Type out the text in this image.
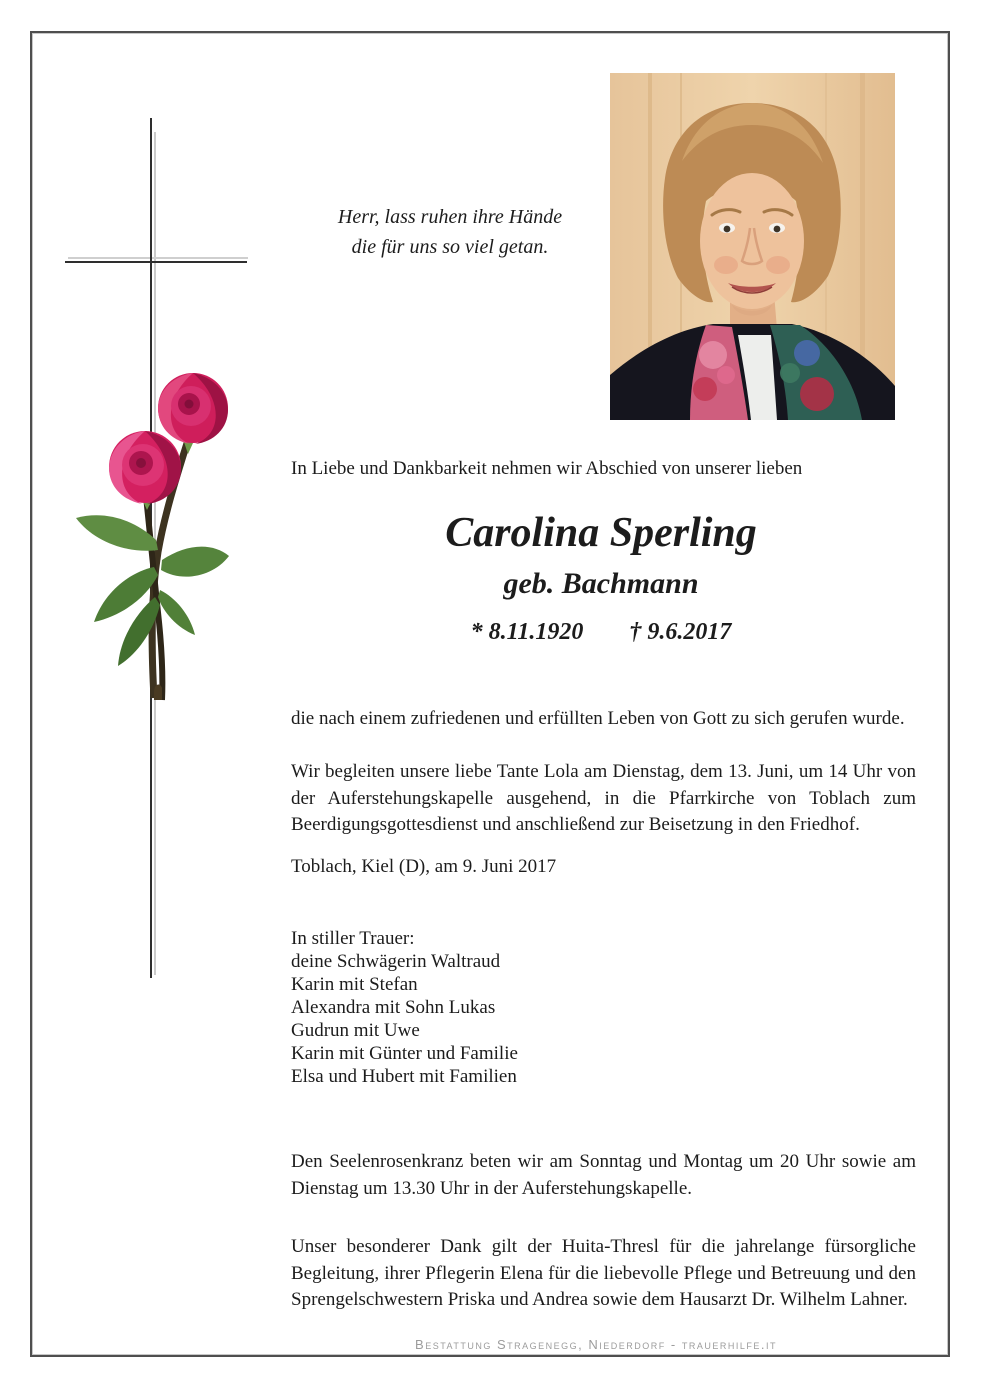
Herr, lass ruhen ihre Hände
die für uns so viel getan.
In Liebe und Dankbarkeit nehmen wir Abschied von unserer lieben
Carolina Sperling
geb. Bachmann
* 8.11.1920 † 9.6.2017

die nach einem zufriedenen und erfüllten Leben von Gott zu sich gerufen wurde.

Wir begleiten unsere liebe Tante Lola am Dienstag, dem 13. Juni, um 14 Uhr von der Auferstehungskapelle ausgehend, in die Pfarrkirche von Toblach zum Beerdigungsgottesdienst und anschließend zur Beisetzung in den Friedhof.

Toblach, Kiel (D), am 9. Juni 2017
In stiller Trauer:
deine Schwägerin Waltraud
Karin mit Stefan
Alexandra mit Sohn Lukas
Gudrun mit Uwe
Karin mit Günter und Familie
Elsa und Hubert mit Familien

Den Seelenrosenkranz beten wir am Sonntag und Montag um 20 Uhr sowie am Dienstag um 13.30 Uhr in der Auferstehungskapelle.

Unser besonderer Dank gilt der Huita-Thresl für die jahrelange fürsorgliche Begleitung, ihrer Pflegerin Elena für die liebevolle Pflege und Betreuung und den Sprengelschwestern Priska und Andrea sowie dem Hausarzt Dr. Wilhelm Lahner.

Bestattung Stragenegg, Niederdorf - trauerhilfe.it
